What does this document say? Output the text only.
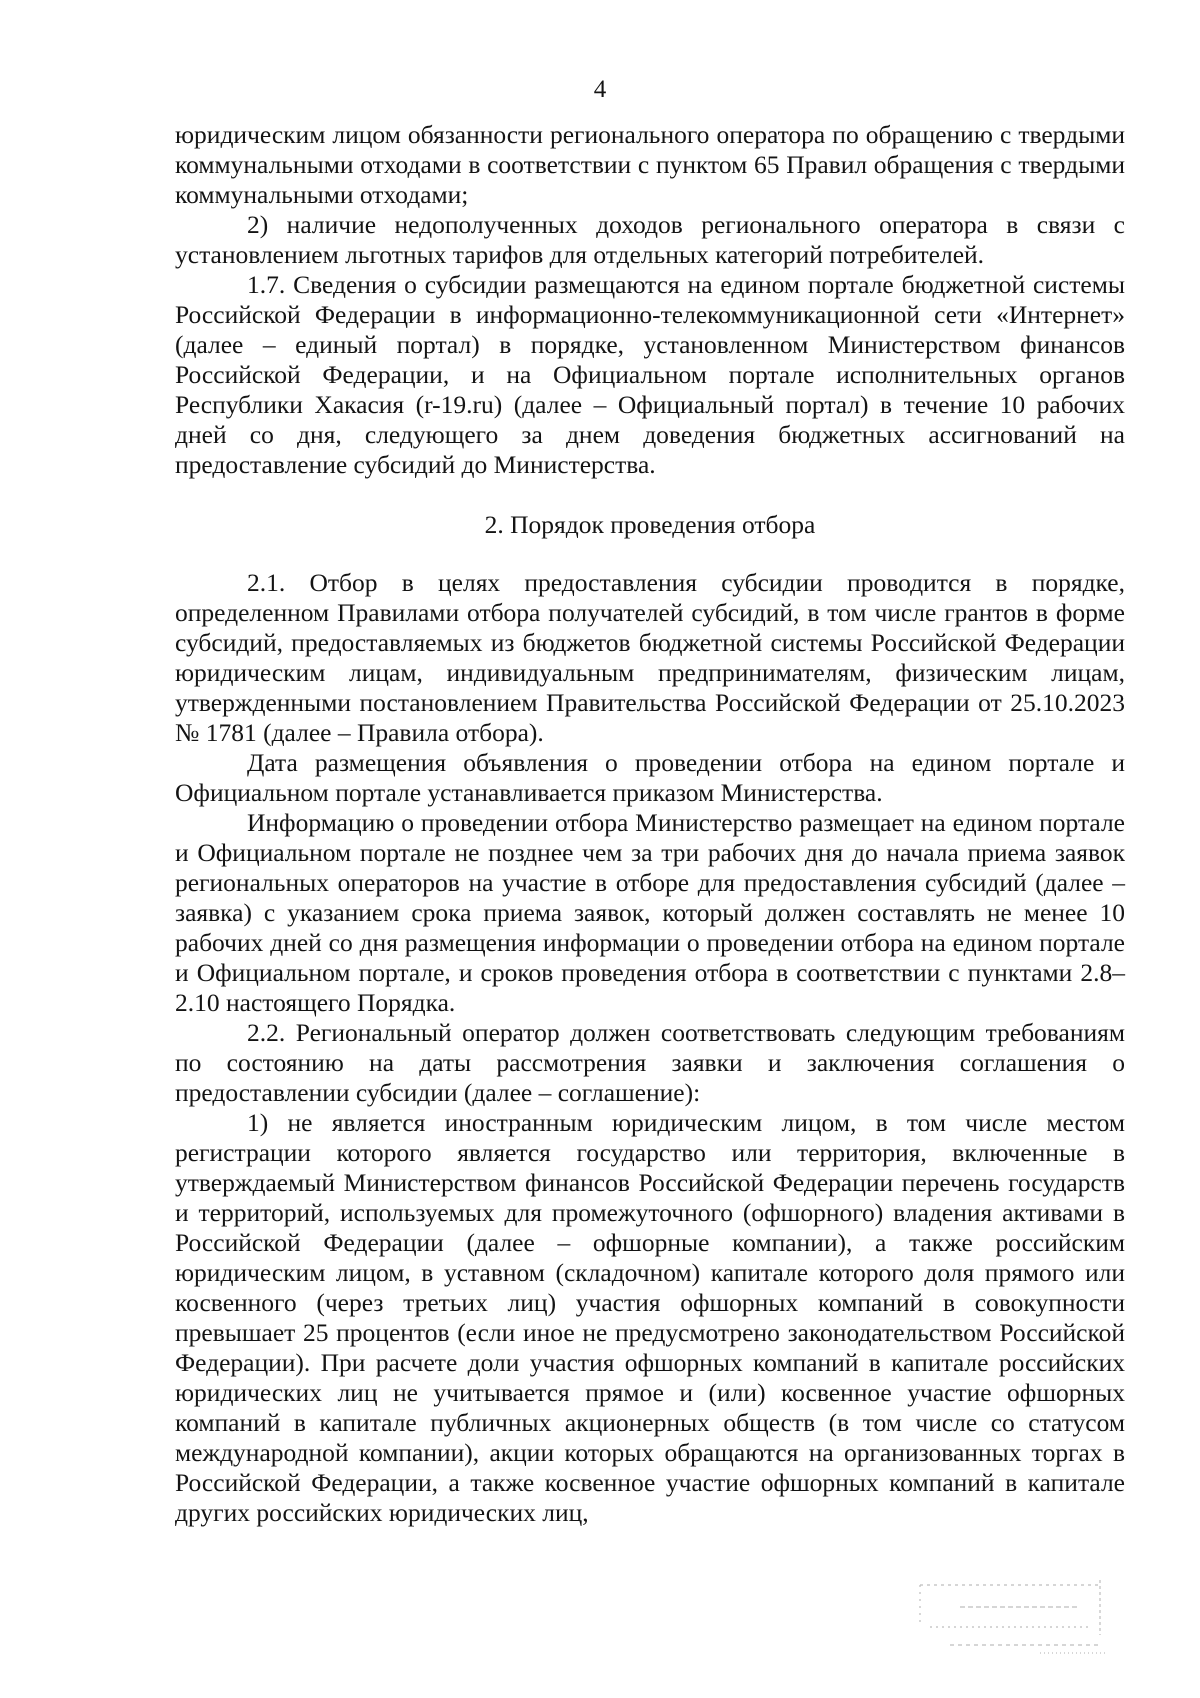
4

юридическим лицом обязанности регионального оператора по обращению с твердыми коммунальными отходами в соответствии с пунктом 65 Правил обращения с твердыми коммунальными отходами;

2) наличие недополученных доходов регионального оператора в связи с установлением льготных тарифов для отдельных категорий потребителей.

1.7. Сведения о субсидии размещаются на едином портале бюджетной системы Российской Федерации в информационно-телекоммуникационной сети «Интернет» (далее – единый портал) в порядке, установленном Министерством финансов Российской Федерации, и на Официальном портале исполнительных органов Республики Хакасия (r-19.ru) (далее – Официальный портал) в течение 10 рабочих дней со дня, следующего за днем доведения бюджетных ассигнований на предоставление субсидий до Министерства.

2. Порядок проведения отбора

2.1. Отбор в целях предоставления субсидии проводится в порядке, определенном Правилами отбора получателей субсидий, в том числе грантов в форме субсидий, предоставляемых из бюджетов бюджетной системы Российской Федерации юридическим лицам, индивидуальным предпринимателям, физическим лицам, утвержденными постановлением Правительства Российской Федерации от 25.10.2023 № 1781 (далее – Правила отбора).

Дата размещения объявления о проведении отбора на едином портале и Официальном портале устанавливается приказом Министерства.

Информацию о проведении отбора Министерство размещает на едином портале и Официальном портале не позднее чем за три рабочих дня до начала приема заявок региональных операторов на участие в отборе для предоставления субсидий (далее – заявка) с указанием срока приема заявок, который должен составлять не менее 10 рабочих дней со дня размещения информации о проведении отбора на едином портале и Официальном портале, и сроков проведения отбора в соответствии с пунктами 2.8–2.10 настоящего Порядка.

2.2. Региональный оператор должен соответствовать следующим требованиям по состоянию на даты рассмотрения заявки и заключения соглашения о предоставлении субсидии (далее – соглашение):

1) не является иностранным юридическим лицом, в том числе местом регистрации которого является государство или территория, включенные в утверждаемый Министерством финансов Российской Федерации перечень государств и территорий, используемых для промежуточного (офшорного) владения активами в Российской Федерации (далее – офшорные компании), а также российским юридическим лицом, в уставном (складочном) капитале которого доля прямого или косвенного (через третьих лиц) участия офшорных компаний в совокупности превышает 25 процентов (если иное не предусмотрено законодательством Российской Федерации). При расчете доли участия офшорных компаний в капитале российских юридических лиц не учитывается прямое и (или) косвенное участие офшорных компаний в капитале публичных акционерных обществ (в том числе со статусом международной компании), акции которых обращаются на организованных торгах в Российской Федерации, а также косвенное участие офшорных компаний в капитале других российских юридических лиц,
